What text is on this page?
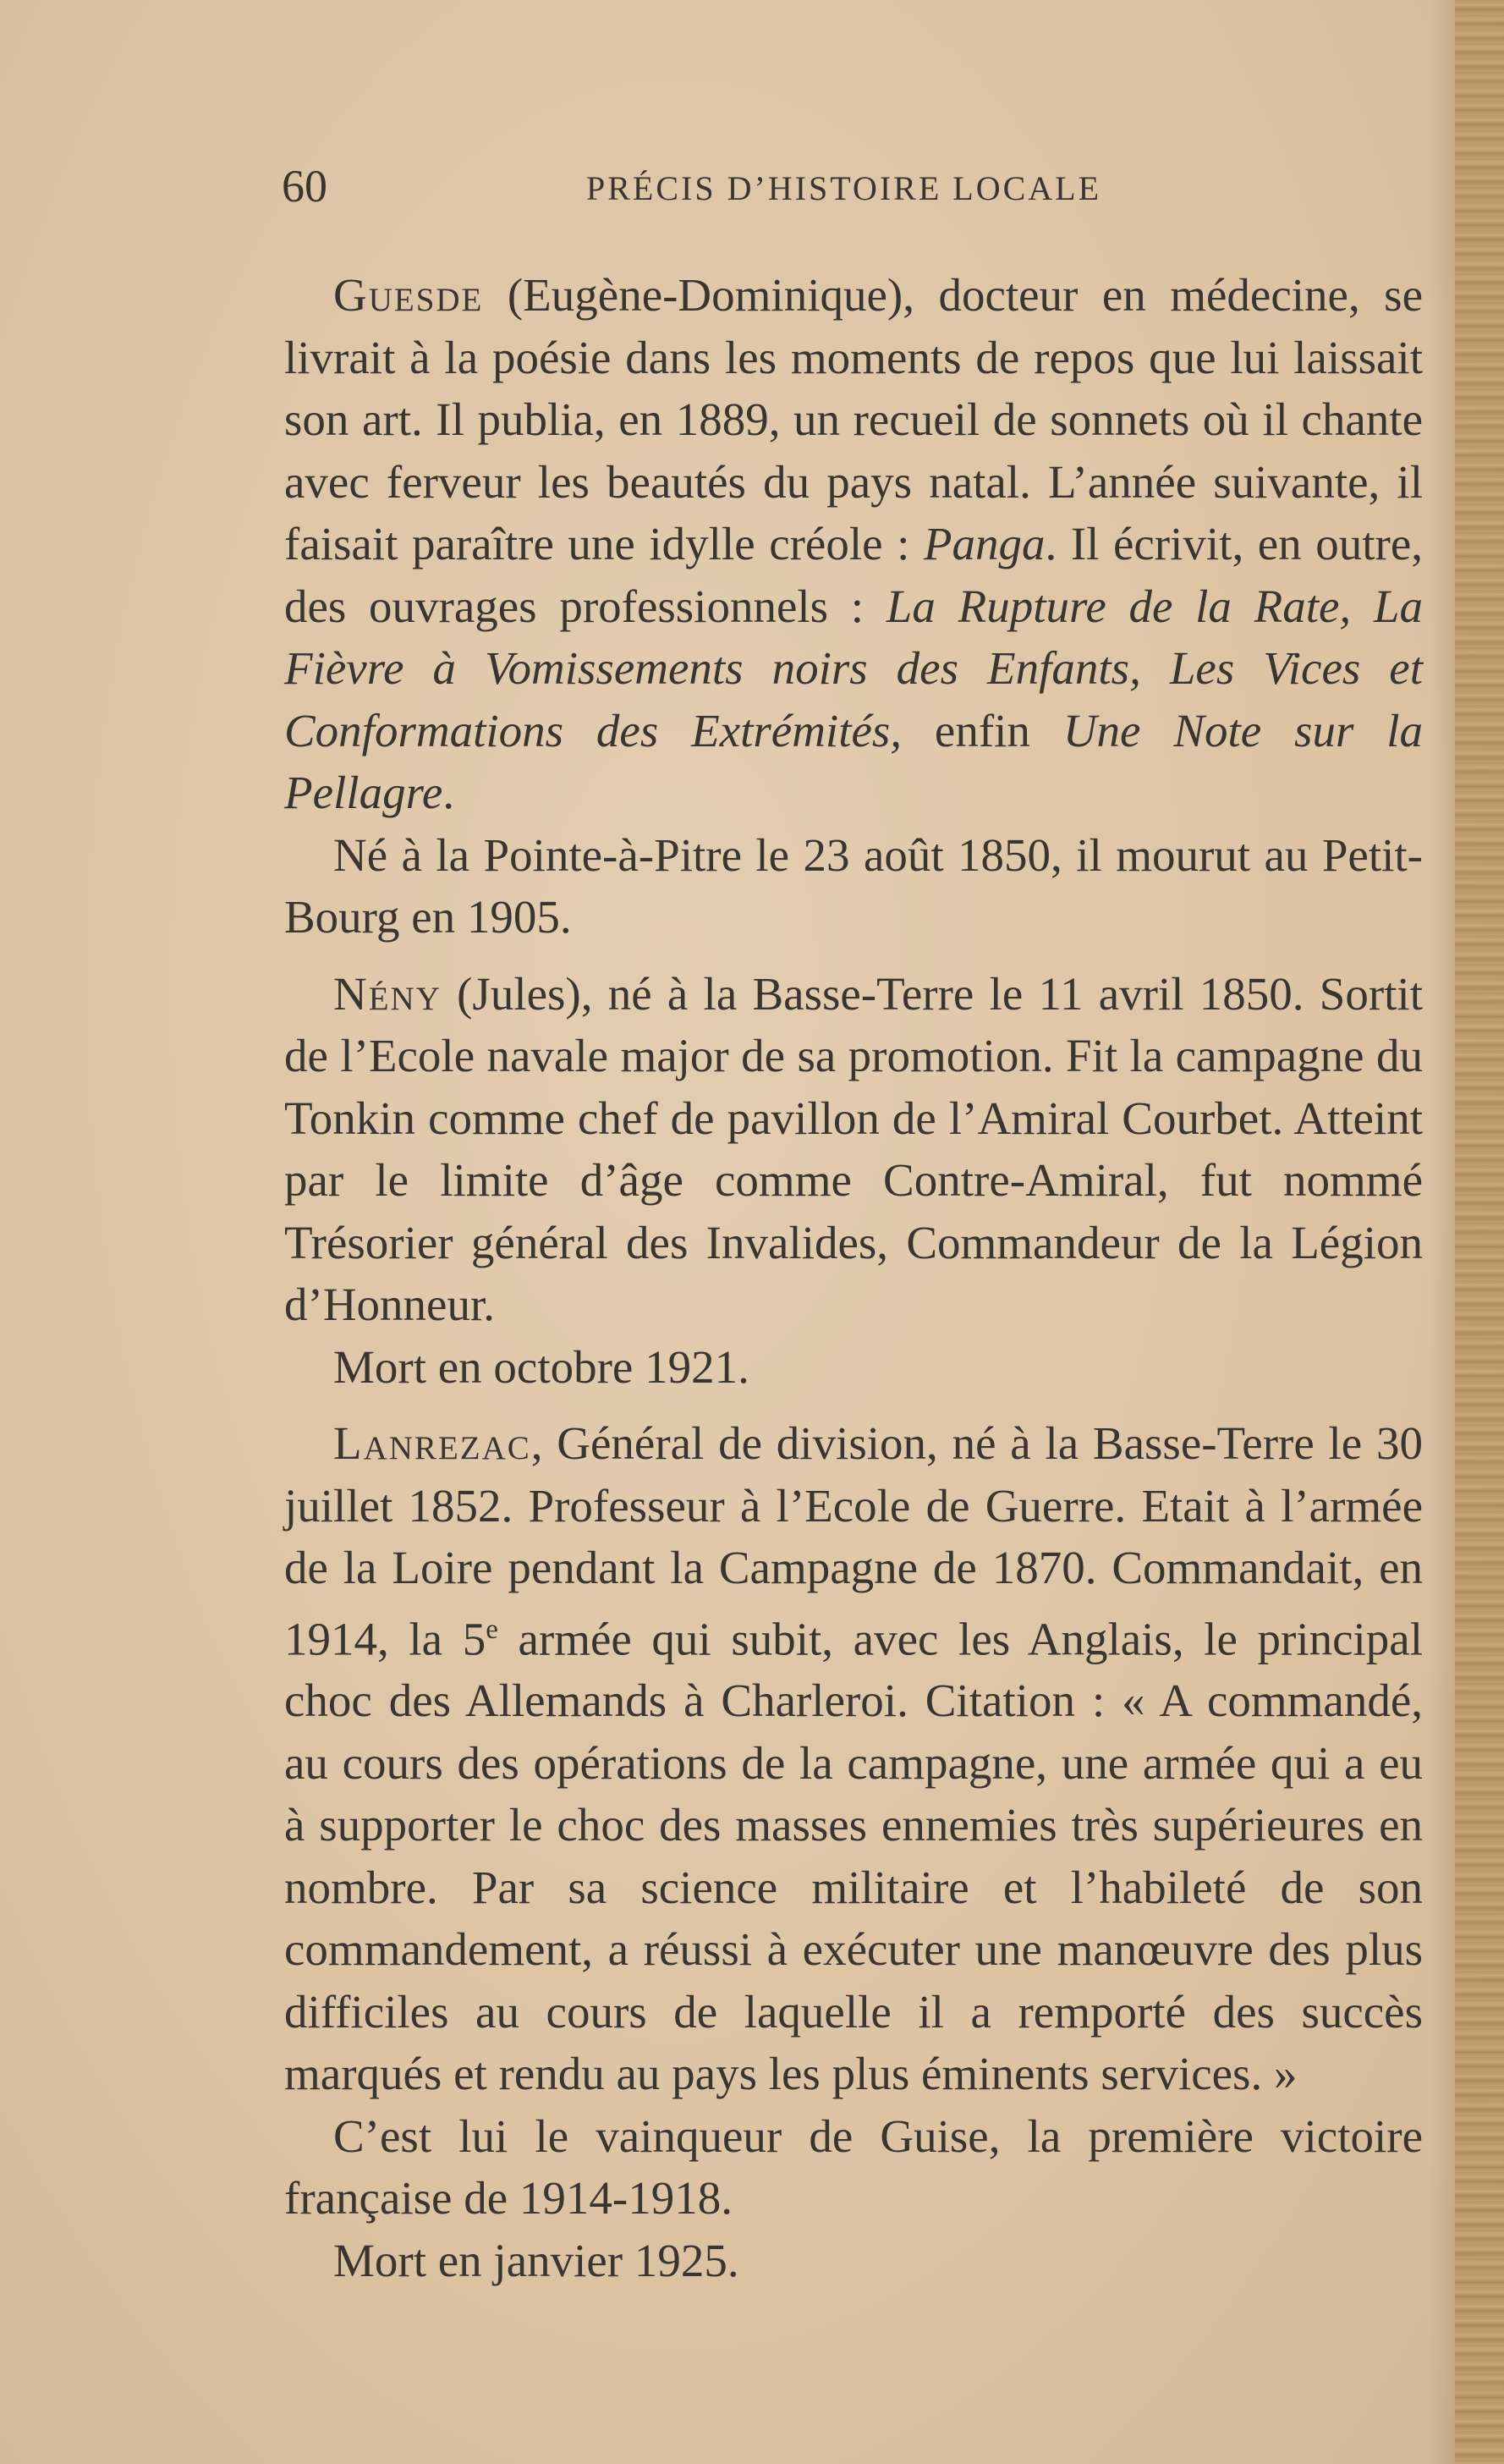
60	PRÉCIS D’HISTOIRE LOCALE

Guesde (Eugène-Dominique), docteur en médecine, se livrait à la poésie dans les moments de repos que lui laissait son art. Il publia, en 1889, un recueil de sonnets où il chante avec ferveur les beautés du pays natal. L’année suivante, il faisait paraître une idylle créole : Panga. Il écrivit, en outre, des ouvrages professionnels : La Rupture de la Rate, La Fièvre à Vomissements noirs des Enfants, Les Vices et Conformations des Extrémités, enfin Une Note sur la Pellagre.

Né à la Pointe-à-Pitre le 23 août 1850, il mourut au Petit-Bourg en 1905.

Nény (Jules), né à la Basse-Terre le 11 avril 1850. Sortit de l’Ecole navale major de sa promotion. Fit la campagne du Tonkin comme chef de pavillon de l’Amiral Courbet. Atteint par le limite d’âge comme Contre-Amiral, fut nommé Trésorier général des Invalides, Commandeur de la Légion d’Honneur.

Mort en octobre 1921.

Lanrezac, Général de division, né à la Basse-Terre le 30 juillet 1852. Professeur à l’Ecole de Guerre. Etait à l’armée de la Loire pendant la Campagne de 1870. Commandait, en 1914, la 5e armée qui subit, avec les Anglais, le principal choc des Allemands à Charleroi. Citation : « A commandé, au cours des opérations de la campagne, une armée qui a eu à supporter le choc des masses ennemies très supérieures en nombre. Par sa science militaire et l’habileté de son commandement, a réussi à exécuter une manœuvre des plus difficiles au cours de laquelle il a remporté des succès marqués et rendu au pays les plus éminents services. »

C’est lui le vainqueur de Guise, la première victoire française de 1914-1918.

Mort en janvier 1925.
